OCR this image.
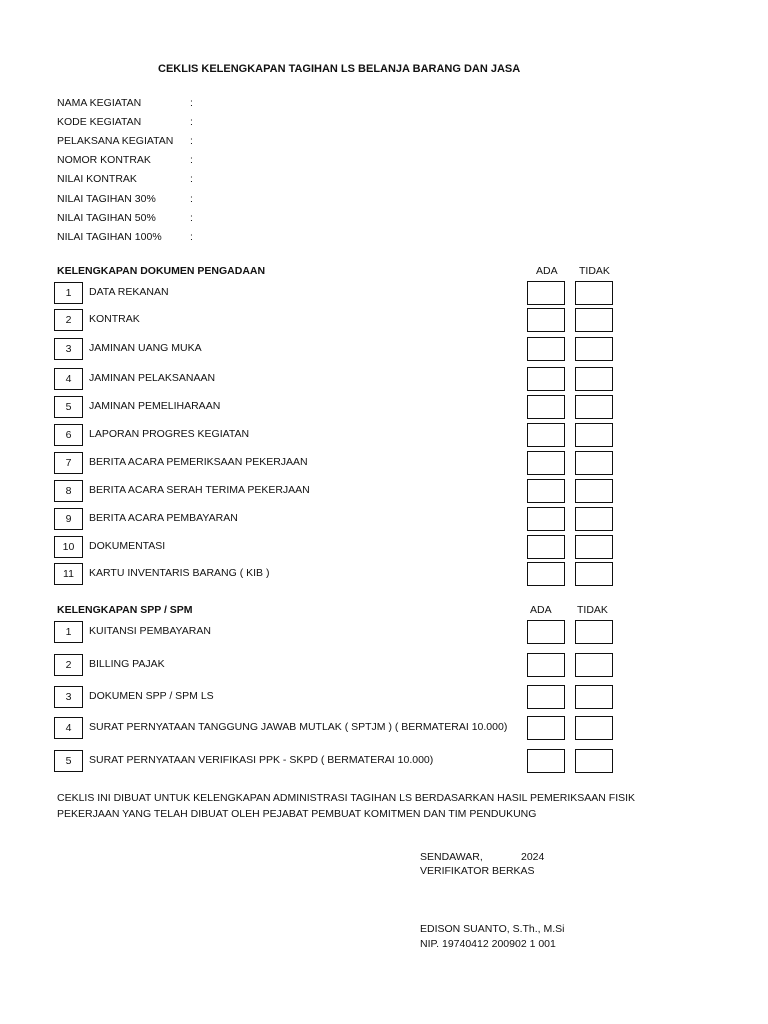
CEKLIS KELENGKAPAN TAGIHAN LS BELANJA BARANG DAN JASA
NAMA KEGIATAN	:
KODE KEGIATAN	:
PELAKSANA KEGIATAN :
NOMOR KONTRAK	:
NILAI KONTRAK	:
NILAI TAGIHAN 30%	:
NILAI TAGIHAN 50%	:
NILAI TAGIHAN 100%	:
KELENGKAPAN DOKUMEN PENGADAAN	ADA TIDAK
1	DATA REKANAN
2	KONTRAK
3	JAMINAN UANG MUKA
4	JAMINAN PELAKSANAAN
5	JAMINAN PEMELIHARAAN
6	LAPORAN PROGRES KEGIATAN
7	BERITA ACARA PEMERIKSAAN PEKERJAAN
8	BERITA ACARA SERAH TERIMA PEKERJAAN
9	BERITA ACARA PEMBAYARAN
10	DOKUMENTASI
11	KARTU INVENTARIS BARANG ( KIB )
KELENGKAPAN SPP / SPM	ADA TIDAK
1	KUITANSI PEMBAYARAN
2	BILLING PAJAK
3	DOKUMEN SPP / SPM LS
4	SURAT PERNYATAAN TANGGUNG JAWAB MUTLAK ( SPTJM ) ( BERMATERAI 10.000)
5	SURAT PERNYATAAN VERIFIKASI PPK - SKPD ( BERMATERAI 10.000)
CEKLIS INI DIBUAT UNTUK KELENGKAPAN ADMINISTRASI TAGIHAN LS BERDASARKAN HASIL PEMERIKSAAN FISIK
PEKERJAAN YANG TELAH DIBUAT OLEH PEJABAT PEMBUAT KOMITMEN DAN TIM PENDUKUNG
SENDAWAR,	2024
VERIFIKATOR BERKAS
EDISON SUANTO, S.Th., M.Si
NIP. 19740412 200902 1 001
